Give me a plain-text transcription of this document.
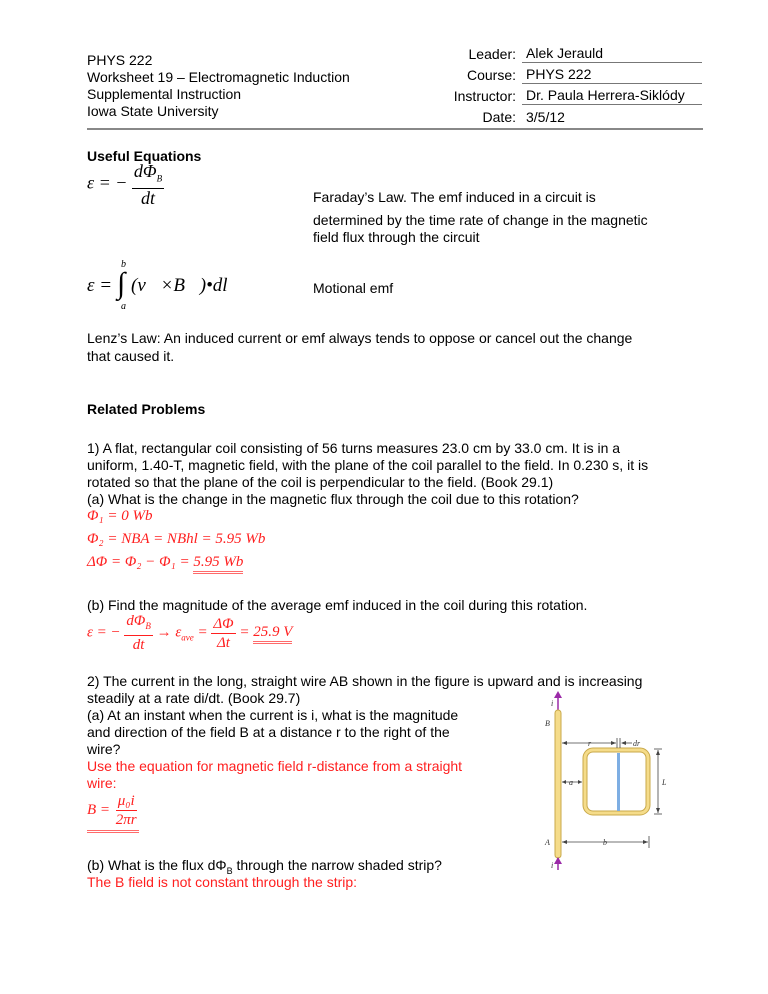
PHYS 222
Worksheet 19 – Electromagnetic Induction
Supplemental Instruction
Iowa State University
Leader: Alek Jerauld
Course: PHYS 222
Instructor: Dr. Paula Herrera-Siklódy
Date: 3/5/12
Useful Equations
ε = − $\frac{d\Phi_B}{dt}$	Faraday’s Law. The emf induced in a circuit is
determined by the time rate of change in the magnetic
field flux through the circuit
ε =
b
∫
a
(v⃗×B⃗)•dl⃗	Motional emf
Lenz’s Law: An induced current or emf always tends to oppose or cancel out the change
that caused it.
Related Problems
1) A flat, rectangular coil consisting of 56 turns measures 23.0 cm by 33.0 cm. It is in a
uniform, 1.40-T, magnetic field, with the plane of the coil parallel to the field. In 0.230 s, it is
rotated so that the plane of the coil is perpendicular to the field. (Book 29.1)
(a) What is the change in the magnetic flux through the coil due to this rotation?
Φ₁ = 0 Wb
Φ₂ = NBA = NBhl = 5.95 Wb
ΔΦ = Φ₂ − Φ₁ = 5.95 Wb
(b) Find the magnitude of the average emf induced in the coil during this rotation.
ε = − $\frac{d\Phi_B}{dt} \to \varepsilon_{ave} = \frac{\Delta\Phi}{\Delta t} = 25.9$ V
2) The current in the long, straight wire AB shown in the figure is upward and is increasing
steadily at a rate di/dt. (Book 29.7)
(a) At an instant when the current is i, what is the magnitude
and direction of the field B at a distance r to the right of the
wire?
Use the equation for magnetic field r-distance from a straight
wire:
$B = \frac{\text{μ₀i}}{2\pi r}$
(b) What is the flux $d\Phi_B$ through the narrow shaded strip?
The B field is not constant through the strip:
i
B
A
i
r	dr
a	L
b
